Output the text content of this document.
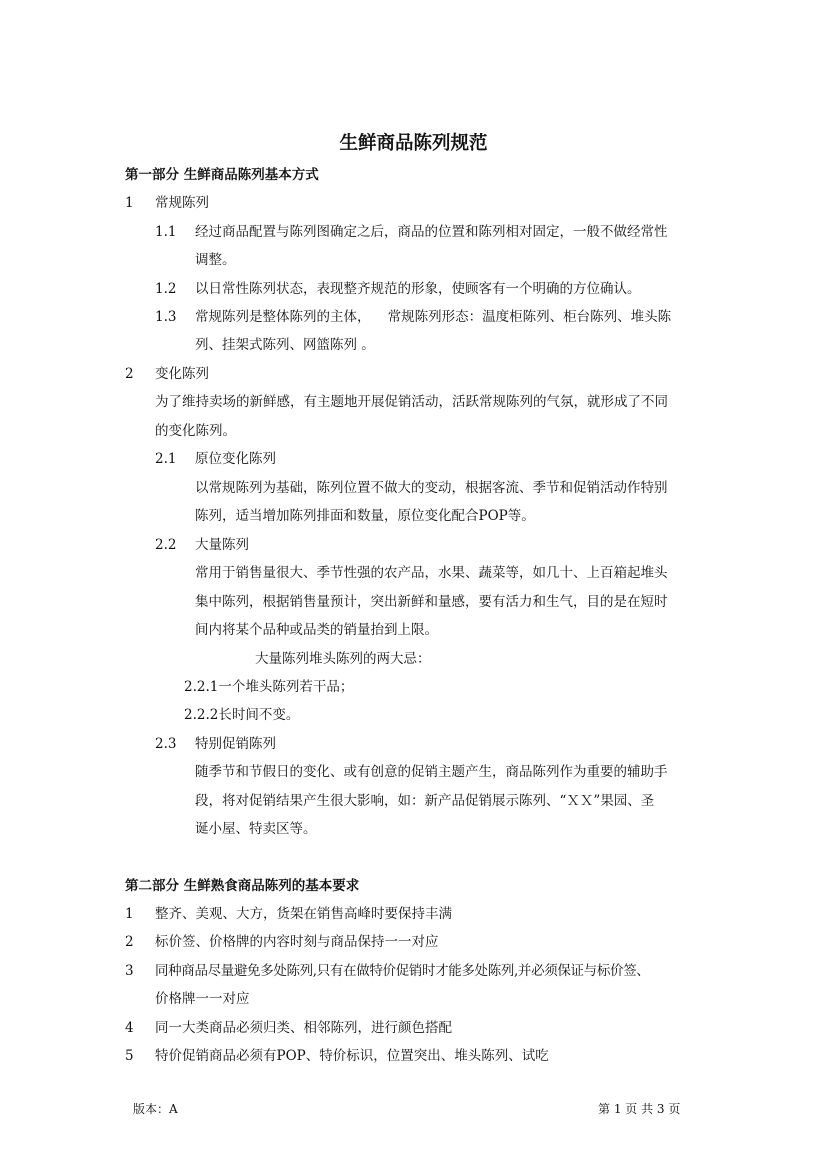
生鲜商品陈列规范
第一部分 生鲜商品陈列基本方式
1 常规陈列
1.1 经过商品配置与陈列图确定之后，商品的位置和陈列相对固定，一般不做经常性
调整。
1.2 以日常性陈列状态，表现整齐规范的形象，使顾客有一个明确的方位确认。
1.3 常规陈列是整体陈列的主体，    常规陈列形态：温度柜陈列、柜台陈列、堆头陈
列、挂架式陈列、网篮陈列 。
2 变化陈列
为了维持卖场的新鲜感，有主题地开展促销活动，活跃常规陈列的气氛，就形成了不同
的变化陈列。
2.1 原位变化陈列
以常规陈列为基础，陈列位置不做大的变动，根据客流、季节和促销活动作特别
陈列，适当增加陈列排面和数量，原位变化配合POP等。
2.2 大量陈列
常用于销售量很大、季节性强的农产品，水果、蔬菜等，如几十、上百箱起堆头
集中陈列，根据销售量预计，突出新鲜和量感，要有活力和生气，目的是在短时
间内将某个品种或品类的销量抬到上限。
大量陈列堆头陈列的两大忌：
2.2.1一个堆头陈列若干品；
2.2.2长时间不变。
2.3 特别促销陈列
随季节和节假日的变化、或有创意的促销主题产生，商品陈列作为重要的辅助手
段，将对促销结果产生很大影响，如：新产品促销展示陈列、“ＸＸ”果园、圣
诞小屋、特卖区等。
第二部分 生鲜熟食商品陈列的基本要求
1 整齐、美观、大方，货架在销售高峰时要保持丰满
2 标价签、价格牌的内容时刻与商品保持一一对应
3 同种商品尽量避免多处陈列,只有在做特价促销时才能多处陈列,并必须保证与标价签、
价格牌一一对应
4 同一大类商品必须归类、相邻陈列，进行颜色搭配
5 特价促销商品必须有POP、特价标识，位置突出、堆头陈列、试吃
版本：A	第 1 页 共 3 页
